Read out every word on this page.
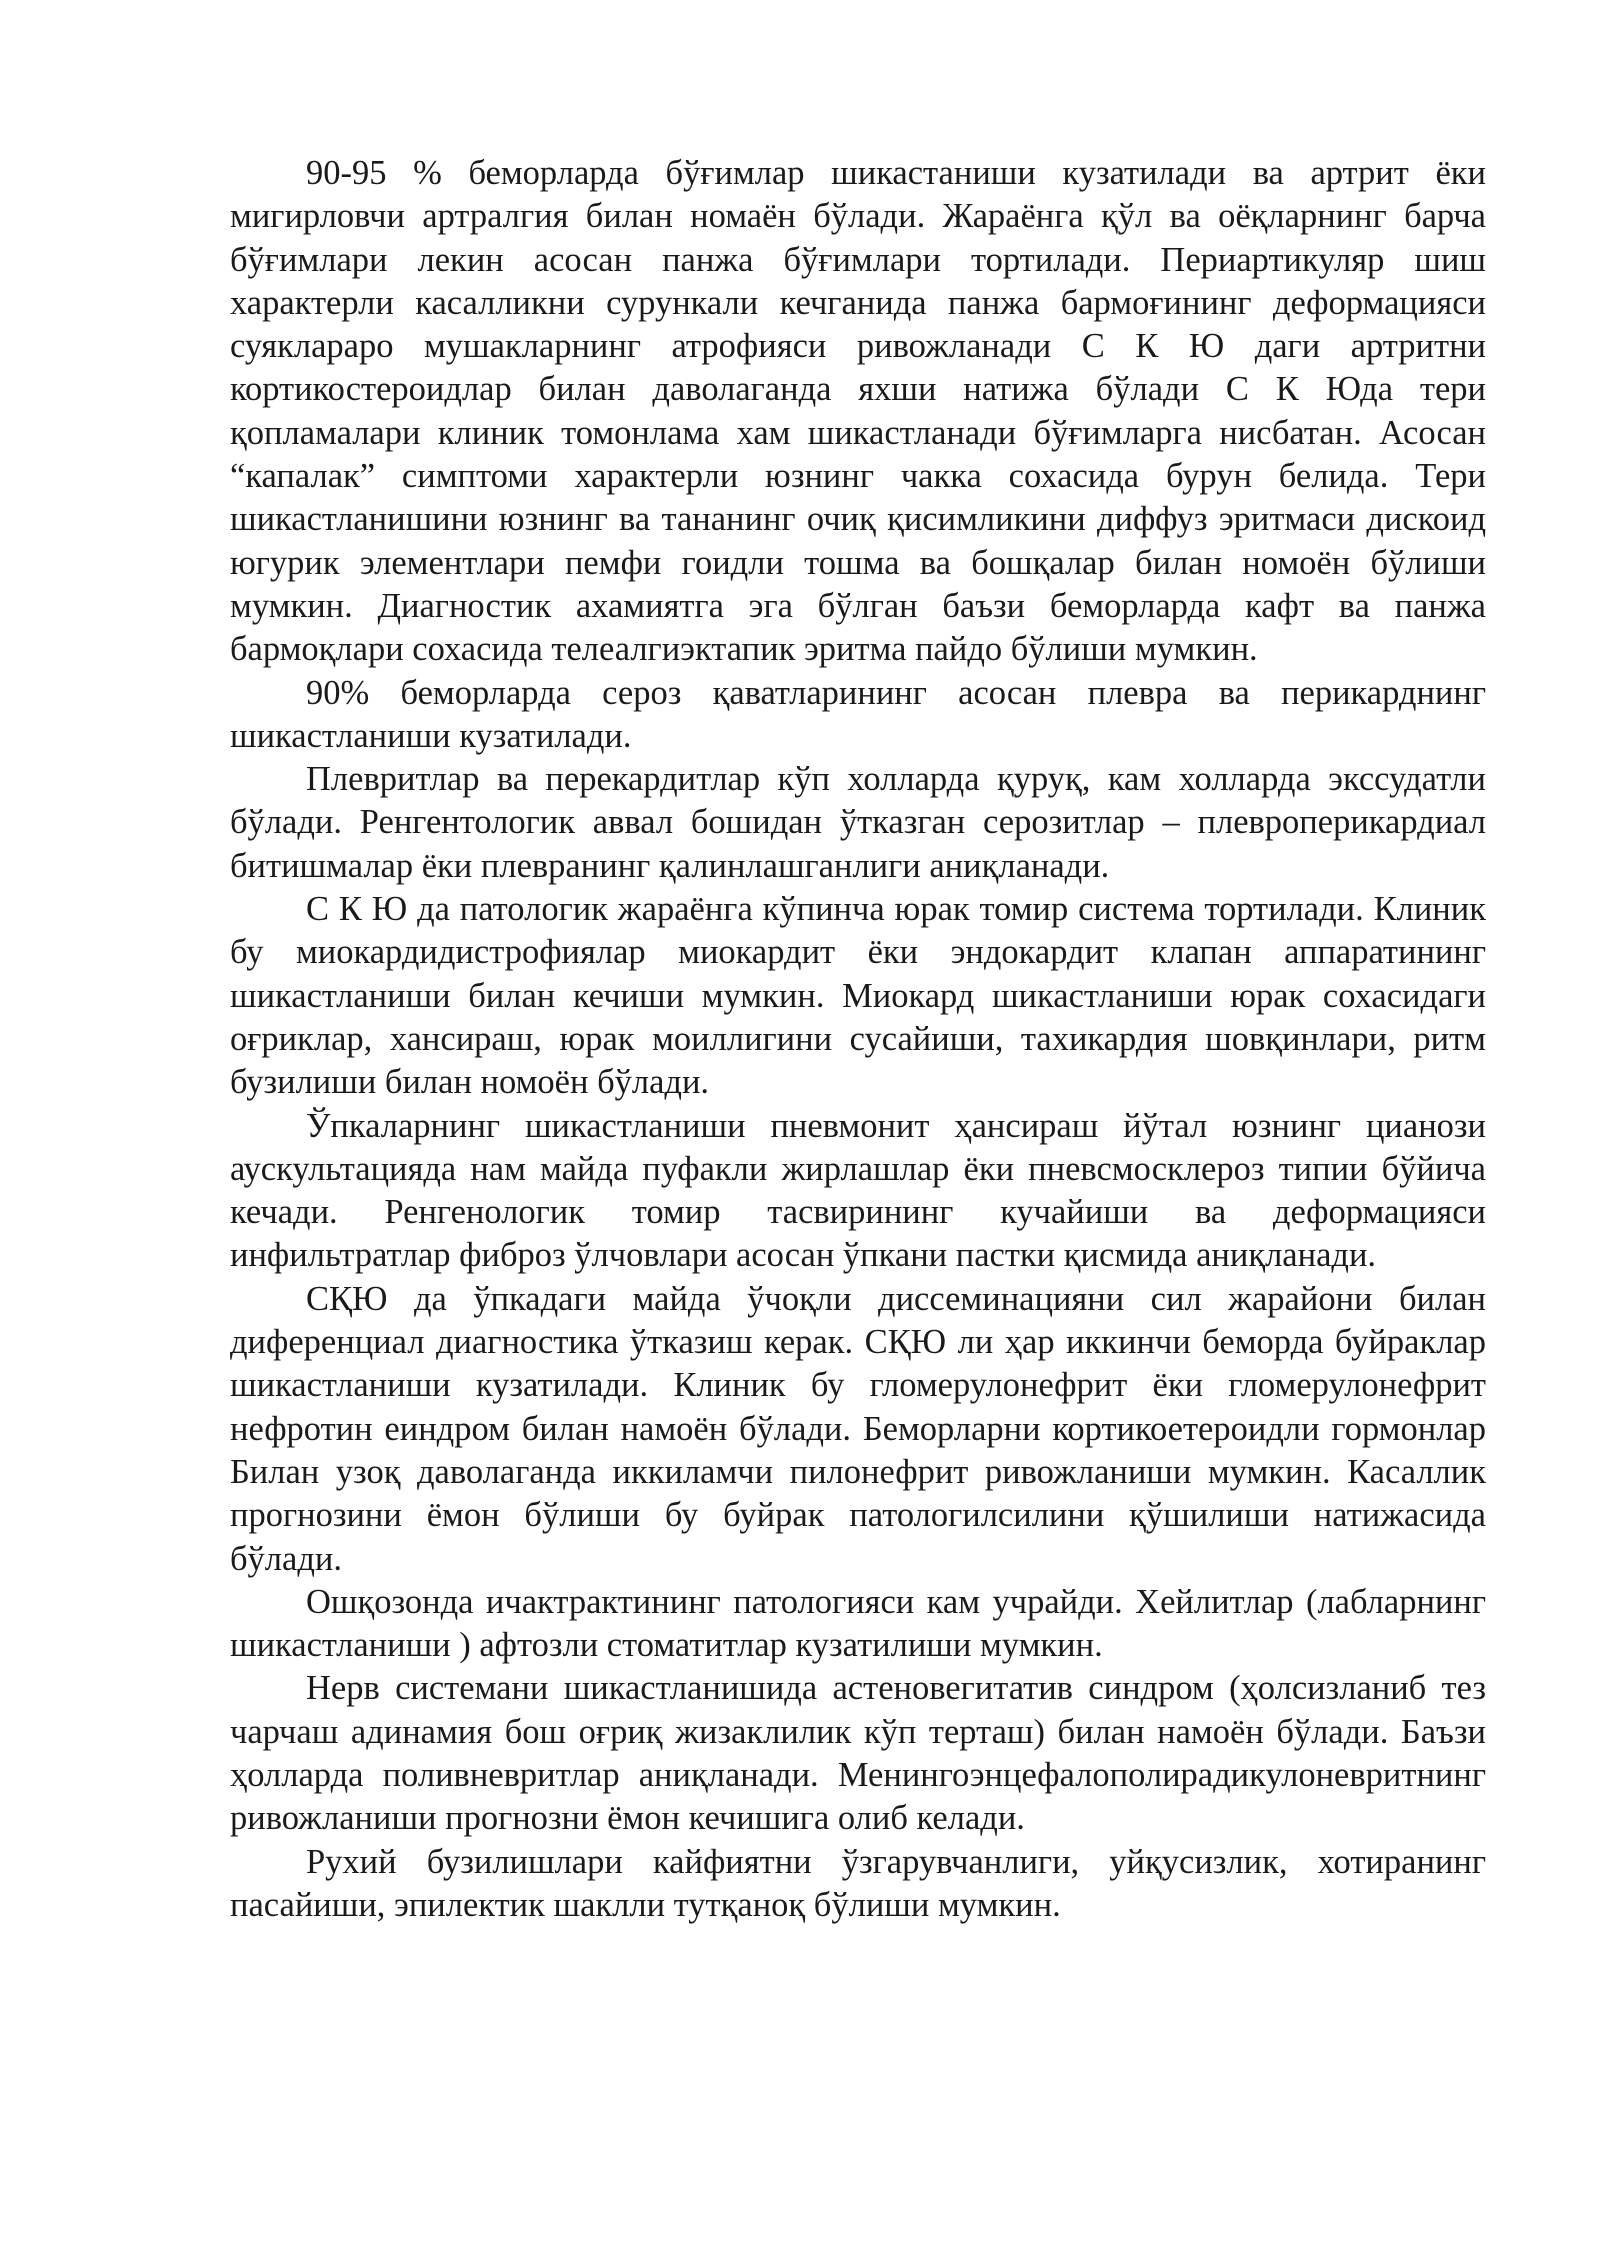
90-95 % беморларда бўғимлар шикастаниши кузатилади ва артрит ёки мигирловчи артралгия билан номаён бўлади. Жараёнга қўл ва оёқларнинг барча бўғимлари лекин асосан панжа бўғимлари тортилади. Периартикуляр шиш характерли касалликни сурункали кечганида панжа бармоғининг деформацияси суяклараро мушакларнинг атрофияси ривожланади С К Ю даги артритни кортикостероидлар билан даволаганда яхши натижа бўлади С К Юда тери қопламалари клиник томонлама хам шикастланади бўғимларга нисбатан. Асосан “капалак” симптоми характерли юзнинг чакка сохасида бурун белида. Тери шикастланишини юзнинг ва тананинг очиқ қисимликини диффуз эритмаси дискоид югурик элементлари пемфи гоидли тошма ва бошқалар билан номоён бўлиши мумкин. Диагностик ахамиятга эга бўлган баъзи беморларда кафт ва панжа бармоқлари сохасида телеалгиэктапик эритма пайдо бўлиши мумкин.

90% беморларда сероз қаватларининг асосан плевра ва перикарднинг шикастланиши кузатилади.

Плевритлар ва перекардитлар кўп холларда қуруқ, кам холларда экссудатли бўлади. Ренгентологик аввал бошидан ўтказган серозитлар – плевроперикардиал битишмалар ёки плевранинг қалинлашганлиги аниқланади.

С К Ю да патологик жараёнга кўпинча юрак томир система тортилади. Клиник бу миокардидистрофиялар миокардит ёки эндокардит клапан аппаратининг шикастланиши билан кечиши мумкин. Миокард шикастланиши юрак сохасидаги оғриклар, хансираш, юрак моиллигини сусайиши, тахикардия шовқинлари, ритм бузилиши билан номоён бўлади.

Ўпкаларнинг шикастланиши пневмонит ҳансираш йўтал юзнинг цианози аускультацияда нам майда пуфакли жирлашлар ёки пневсмосклероз типии бўйича кечади. Ренгенологик томир тасвирининг кучайиши ва деформацияси инфильтратлар фиброз ўлчовлари асосан ўпкани пастки қисмида аниқланади.

СҚЮ да ўпкадаги майда ўчоқли диссеминацияни сил жарайони билан диференциал диагностика ўтказиш керак. СҚЮ ли ҳар иккинчи беморда буйраклар шикастланиши кузатилади. Клиник бу гломерулонефрит ёки гломерулонефрит нефротин еиндром билан намоён бўлади. Беморларни кортикоетероидли гормонлар Билан узоқ даволаганда иккиламчи пилонефрит ривожланиши мумкин. Касаллик прогнозини ёмон бўлиши бу буйрак патологилсилини қўшилиши натижасида бўлади.

Ошқозонда ичактрактининг патологияси кам учрайди. Хейлитлар (лабларнинг шикастланиши ) афтозли стоматитлар кузатилиши мумкин.

Нерв системани шикастланишида астеновегитатив синдром (ҳолсизланиб тез чарчаш адинамия бош оғриқ жизаклилик кўп терташ) билан намоён бўлади. Баъзи ҳолларда поливневритлар аниқланади. Менингоэнцефалополирадикулоневритнинг ривожланиши прогнозни ёмон кечишига олиб келади.

Рухий бузилишлари кайфиятни ўзгарувчанлиги, уйқусизлик, хотиранинг пасайиши, эпилектик шаклли тутқаноқ бўлиши мумкин.
